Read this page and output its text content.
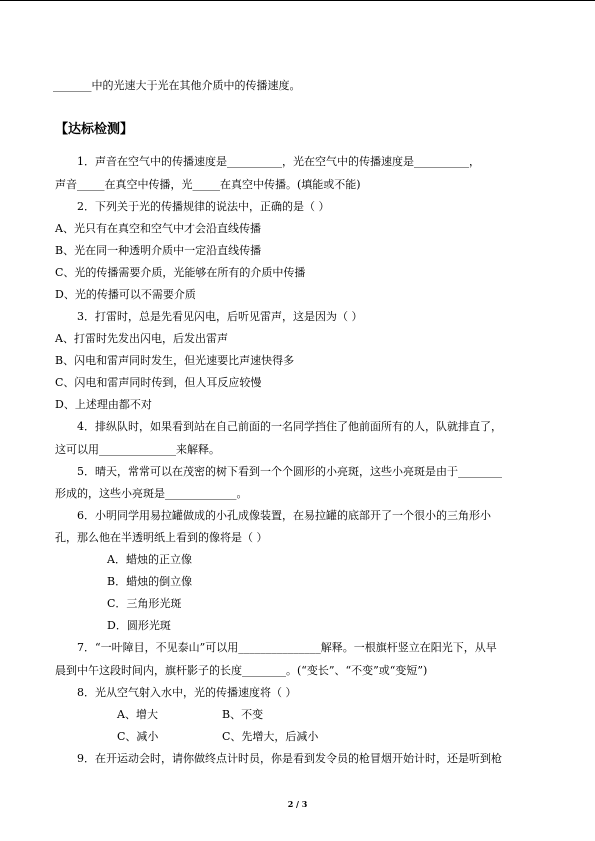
_______中的光速大于光在其他介质中的传播速度。
【达标检测】
1．声音在空气中的传播速度是__________，光在空气中的传播速度是__________，
声音_____在真空中传播，光_____在真空中传播。(填能或不能)
2．下列关于光的传播规律的说法中，正确的是（ ）
A、光只有在真空和空气中才会沿直线传播
B、光在同一种透明介质中一定沿直线传播
C、光的传播需要介质，光能够在所有的介质中传播
D、光的传播可以不需要介质
3．打雷时，总是先看见闪电，后听见雷声，这是因为（ ）
A、打雷时先发出闪电，后发出雷声
B、闪电和雷声同时发生，但光速要比声速快得多
C、闪电和雷声同时传到，但人耳反应较慢
D、上述理由都不对
4．排纵队时，如果看到站在自己前面的一名同学挡住了他前面所有的人，队就排直了，
这可以用______________来解释。
5．晴天，常常可以在茂密的树下看到一个个圆形的小亮斑，这些小亮斑是由于________
形成的，这些小亮斑是_____________。
6．小明同学用易拉罐做成的小孔成像装置，在易拉罐的底部开了一个很小的三角形小
孔，那么他在半透明纸上看到的像将是（ ）
A．蜡烛的正立像
B．蜡烛的倒立像
C．三角形光斑
D．圆形光斑
7．“一叶障目，不见泰山”可以用_______________解释。一根旗杆竖立在阳光下，从早
晨到中午这段时间内，旗杆影子的长度________。(“变长”、“不变”或“变短”)
8．光从空气射入水中，光的传播速度将（ ）
A、增大	B、不变
C、减小	C、先增大，后减小
9．在开运动会时，请你做终点计时员，你是看到发令员的枪冒烟开始计时，还是听到枪
2 / 3
